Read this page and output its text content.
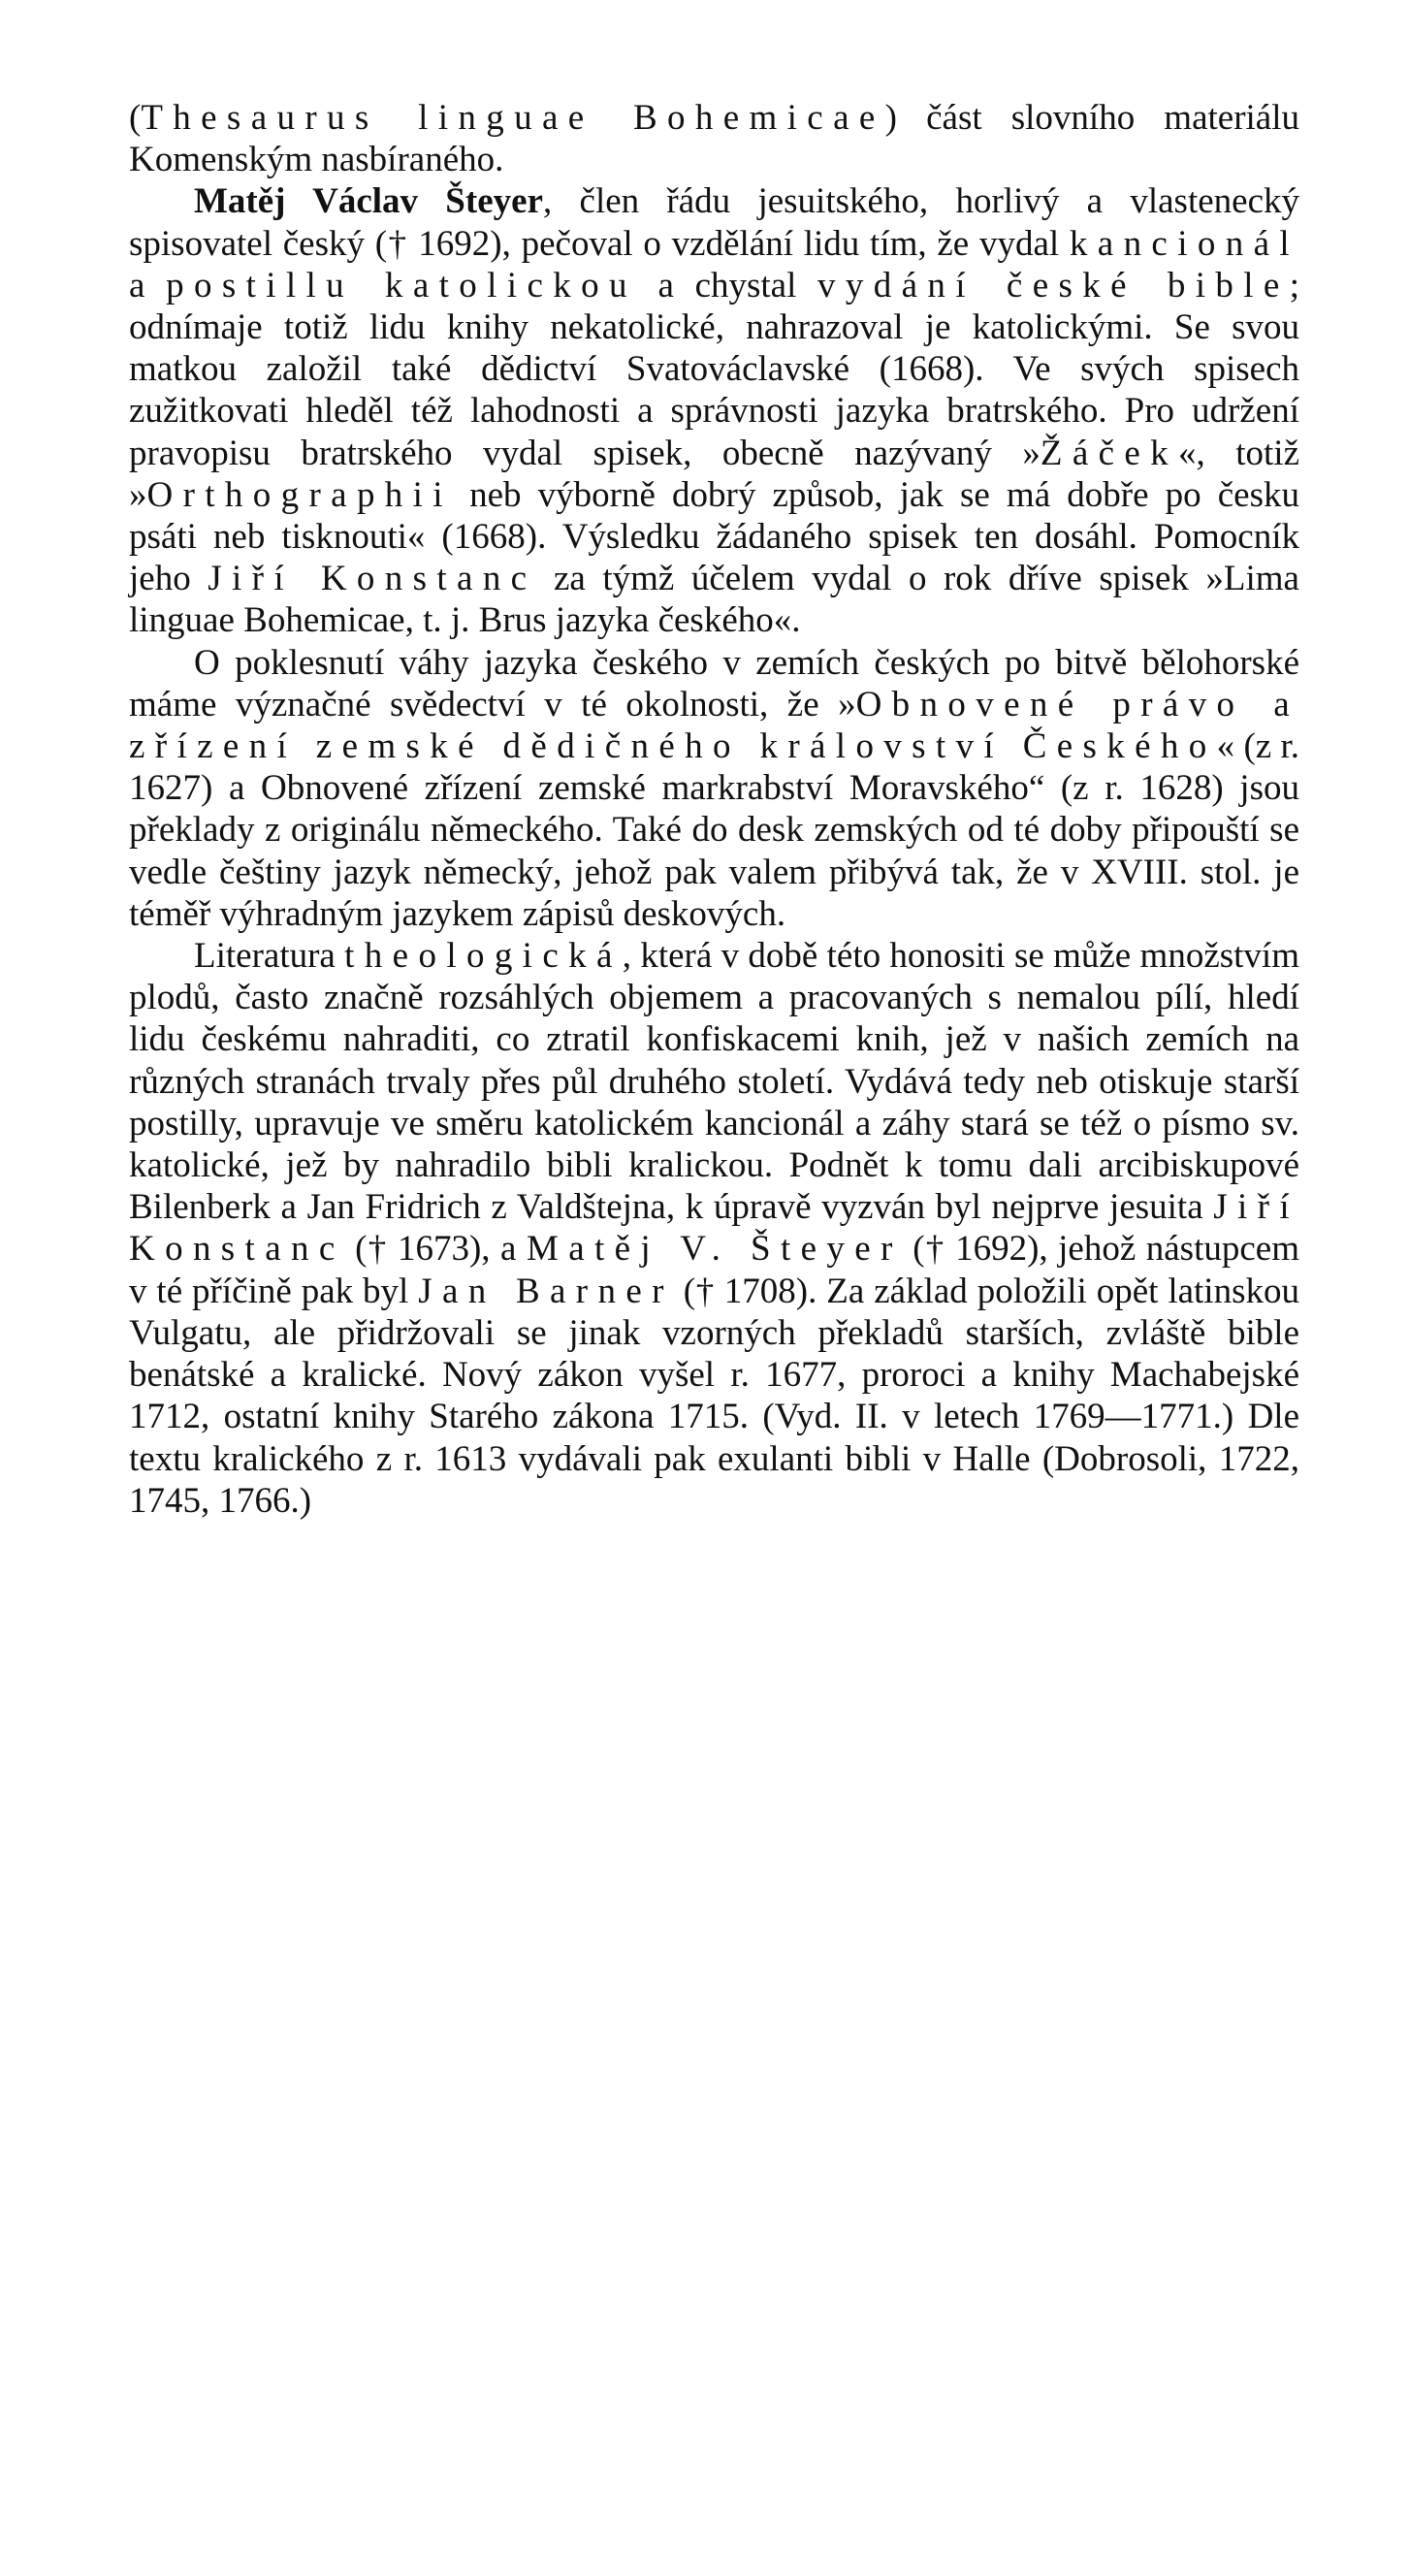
(Thesaurus linguae Bohemicae) část slovního materiálu Komenským nasbíraného.

Matěj Václav Šteyer, člen řádu jesuitského, horlivý a vlastenecký spisovatel český († 1692), pečoval o vzdělání lidu tím, že vydal kancionál a postillu katolickou a chystal vydání české bible; odnímaje totiž lidu knihy nekatolické, nahrazoval je katolickými. Se svou matkou založil také dědictví Svatováclavské (1668). Ve svých spisech zužitkovati hleděl též lahodnosti a správnosti jazyka bratrského. Pro udržení pravopisu bratrského vydal spisek, obecně nazývaný »Žáček«, totiž »Orthographii neb výborně dobrý způsob, jak se má dobře po česku psáti neb tisknouti« (1668). Výsledku žádaného spisek ten dosáhl. Pomocník jeho Jiří Konstanc za týmž účelem vydal o rok dříve spisek »Lima linguae Bohemicae, t. j. Brus jazyka českého«.

O poklesnutí váhy jazyka českého v zemích českých po bitvě bělohorské máme význačné svědectví v té okolnosti, že »Obnovené právo a zřízení zemské dědičného království Českého« (z r. 1627) a Obnovené zřízení zemské markrabství Moravského“ (z r. 1628) jsou překlady z originálu německého. Také do desk zemských od té doby připouští se vedle češtiny jazyk německý, jehož pak valem přibývá tak, že v XVIII. stol. je téměř výhradným jazykem zápisů deskových.

Literatura theologická, která v době této honositi se může množstvím plodů, často značně rozsáhlých objemem a pracovaných s nemalou pílí, hledí lidu českému nahraditi, co ztratil konfiskacemi knih, jež v našich zemích na různých stranách trvaly přes půl druhého století. Vydává tedy neb otiskuje starší postilly, upravuje ve směru katolickém kancionál a záhy stará se též o písmo sv. katolické, jež by nahradilo bibli kralickou. Podnět k tomu dali arcibiskupové Bilenberk a Jan Fridrich z Valdštejna, k úpravě vyzván byl nejprve jesuita Jiří Konstanc († 1673), a Matěj V. Šteyer († 1692), jehož nástupcem v té příčině pak byl Jan Barner († 1708). Za základ položili opět latinskou Vulgatu, ale přidržovali se jinak vzorných překladů starších, zvláště bible benátské a kralické. Nový zákon vyšel r. 1677, proroci a knihy Machabejské 1712, ostatní knihy Starého zákona 1715. (Vyd. II. v letech 1769—1771.) Dle textu kralického z r. 1613 vydávali pak exulanti bibli v Halle (Dobrosoli, 1722, 1745, 1766.)
